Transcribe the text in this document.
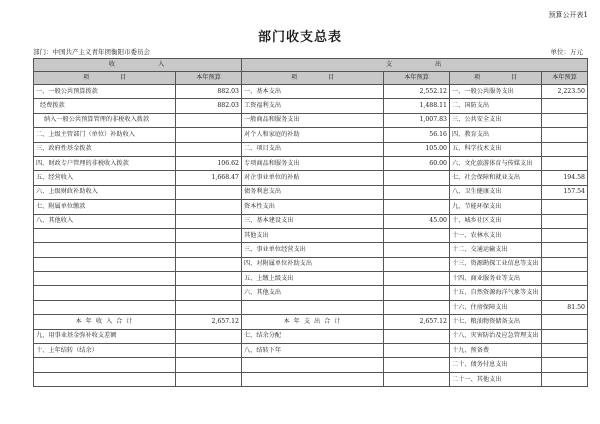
预算公开表1
部门收支总表
部门：中国共产主义青年团衡阳市委员会	单位：万元
收　　　　　入		支　　　　　出			
项　　　　　目	本年预算	项　　　　　目	本年预算	项　　　　　目	本年预算
一、一般公共预算拨款	882.03	一、基本支出	2,552.12	一、一般公共服务支出	2,223.50
经费拨款	882.03	工资福利支出	1,488.11	二、国防支出	
纳入一般公共预算管理的非税收入拨款		一般商品和服务支出	1,007.83	三、公共安全支出	
二、上级主管部门（单位）补助收入		对个人和家庭的补助	56.16	四、教育支出	
三、政府性基金拨款		二、项目支出	105.00	五、科学技术支出	
四、财政专户管理的非税收入拨款	106.62	专项商品和服务支出	60.00	六、文化旅游体育与传媒支出	
五、经营收入	1,668.47	对企事业单位的补贴		七、社会保障和就业支出	194.58
六、上级财政补助收入		债务利息支出		八、卫生健康支出	157.54
七、附属单位缴款		资本性支出		九、节能环保支出	
八、其他收入		三、基本建设支出	45.00	十、城乡社区支出	
		其他支出		十一、农林水支出	
		三、事业单位经营支出		十二、交通运输支出	
		四、对附属单位补助支出		十三、资源勘探工业信息等支出	
		五、上缴上级支出		十四、商业服务业等支出	
		六、其他支出		十五、自然资源海洋气象等支出	
				十六、住房保障支出	81.50
本 年 收 入 合 计	2,657.12	本 年 支 出 合 计	2,657.12	十七、粮油物资储备支出	
九、用事业基金弥补收支差额		七、结余分配		十八、灾害防治及应急管理支出	
十、上年结转（结余）		八、结转下年		十九、预备费	
				二十、债务付息支出	
				二十一、其他支出	
